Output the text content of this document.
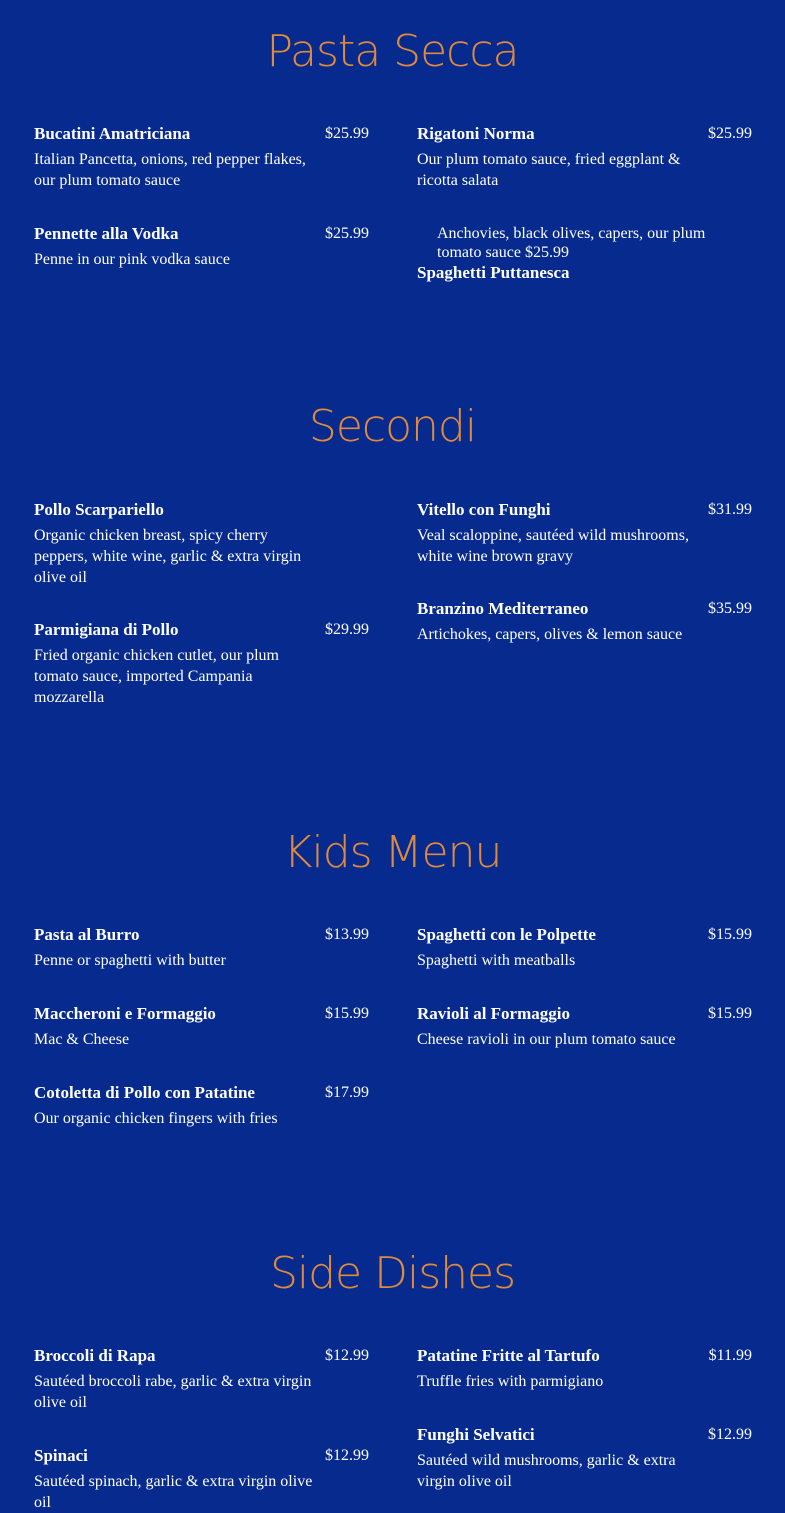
Pasta Secca
Bucatini Amatriciana	$25.99
Italian Pancetta, onions, red pepper flakes, our plum tomato sauce
Rigatoni Norma	$25.99
Our plum tomato sauce, fried eggplant & ricotta salata
Pennette alla Vodka	$25.99
Penne in our pink vodka sauce
Anchovies, black olives, capers, our plum tomato sauce $25.99
Spaghetti Puttanesca
Secondi
Pollo Scarpariello
Organic chicken breast, spicy cherry peppers, white wine, garlic & extra virgin olive oil
Vitello con Funghi	$31.99
Veal scaloppine, sautéed wild mushrooms, white wine brown gravy
Parmigiana di Pollo	$29.99
Fried organic chicken cutlet, our plum tomato sauce, imported Campania mozzarella
Branzino Mediterraneo	$35.99
Artichokes, capers, olives & lemon sauce
Kids Menu
Pasta al Burro	$13.99
Penne or spaghetti with butter
Spaghetti con le Polpette	$15.99
Spaghetti with meatballs
Maccheroni e Formaggio	$15.99
Mac & Cheese
Ravioli al Formaggio	$15.99
Cheese ravioli in our plum tomato sauce
Cotoletta di Pollo con Patatine	$17.99
Our organic chicken fingers with fries
Side Dishes
Broccoli di Rapa	$12.99
Sautéed broccoli rabe, garlic & extra virgin olive oil
Patatine Fritte al Tartufo	$11.99
Truffle fries with parmigiano
Spinaci	$12.99
Sautéed spinach, garlic & extra virgin olive oil
Funghi Selvatici	$12.99
Sautéed wild mushrooms, garlic & extra virgin olive oil
